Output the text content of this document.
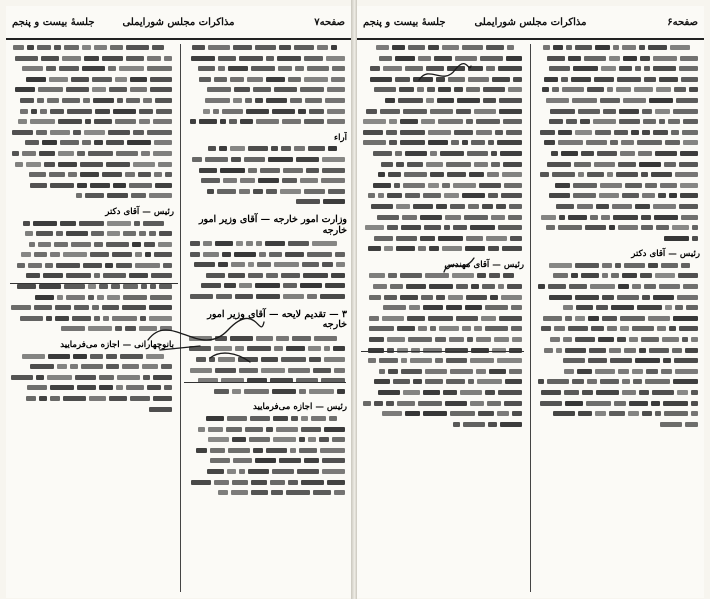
صفحه۷
مذاکرات مجلس شورایملی
جلسهٔ بیست و پنجم

آراء

وزارت امور خارجه — آقای وزیر امور خارجه

۳ — تقدیم لایحه — آقای وزیر امور خارجه

رئیس — اجازه می‌فرمایید

رئیس — آقای دکتر

بانوچهارانی — اجازه می‌فرمایید

صفحه۶
مذاکرات مجلس شورایملی
جلسهٔ بیست و پنجم

رئیس — آقای دکتر

رئیس — آقای مهندس
